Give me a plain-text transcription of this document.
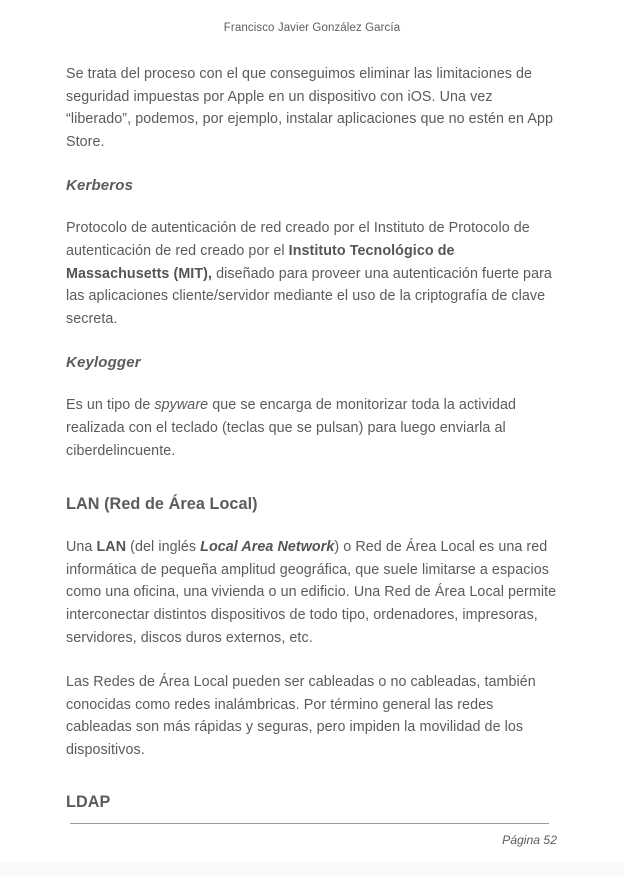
Francisco Javier González García

Se trata del proceso con el que conseguimos eliminar las limitaciones de seguridad impuestas por Apple en un dispositivo con iOS. Una vez “liberado”, podemos, por ejemplo, instalar aplicaciones que no estén en App Store.

Kerberos

Protocolo de autenticación de red creado por el Instituto de Protocolo de autenticación de red creado por el Instituto Tecnológico de Massachusetts (MIT), diseñado para proveer una autenticación fuerte para las aplicaciones cliente/servidor mediante el uso de la criptografía de clave secreta.

Keylogger

Es un tipo de spyware que se encarga de monitorizar toda la actividad realizada con el teclado (teclas que se pulsan) para luego enviarla al ciberdelincuente.

LAN (Red de Área Local)

Una LAN (del inglés Local Area Network) o Red de Área Local es una red informática de pequeña amplitud geográfica, que suele limitarse a espacios como una oficina, una vivienda o un edificio. Una Red de Área Local permite interconectar distintos dispositivos de todo tipo, ordenadores, impresoras, servidores, discos duros externos, etc.

Las Redes de Área Local pueden ser cableadas o no cableadas, también conocidas como redes inalámbricas. Por término general las redes cableadas son más rápidas y seguras, pero impiden la movilidad de los dispositivos.

LDAP
Página 52
